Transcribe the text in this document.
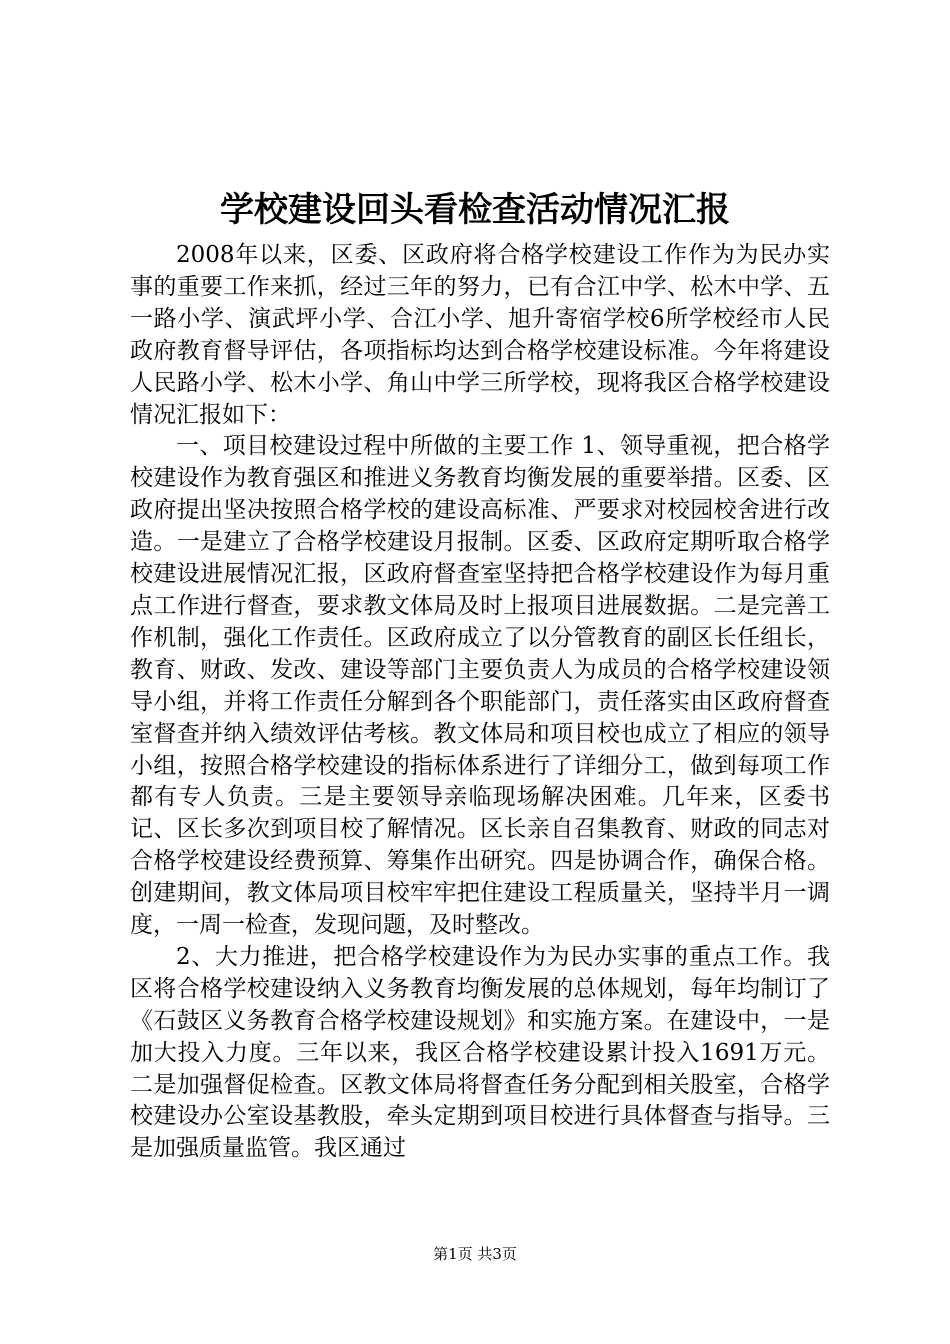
学校建设回头看检查活动情况汇报

2008年以来，区委、区政府将合格学校建设工作作为为民办实事的重要工作来抓，经过三年的努力，已有合江中学、松木中学、五一路小学、演武坪小学、合江小学、旭升寄宿学校6所学校经市人民政府教育督导评估，各项指标均达到合格学校建设标准。今年将建设人民路小学、松木小学、角山中学三所学校，现将我区合格学校建设情况汇报如下：

一、项目校建设过程中所做的主要工作 1、领导重视，把合格学校建设作为教育强区和推进义务教育均衡发展的重要举措。区委、区政府提出坚决按照合格学校的建设高标准、严要求对校园校舍进行改造。一是建立了合格学校建设月报制。区委、区政府定期听取合格学校建设进展情况汇报，区政府督查室坚持把合格学校建设作为每月重点工作进行督查，要求教文体局及时上报项目进展数据。二是完善工作机制，强化工作责任。区政府成立了以分管教育的副区长任组长，教育、财政、发改、建设等部门主要负责人为成员的合格学校建设领导小组，并将工作责任分解到各个职能部门，责任落实由区政府督查室督查并纳入绩效评估考核。教文体局和项目校也成立了相应的领导小组，按照合格学校建设的指标体系进行了详细分工，做到每项工作都有专人负责。三是主要领导亲临现场解决困难。几年来，区委书记、区长多次到项目校了解情况。区长亲自召集教育、财政的同志对合格学校建设经费预算、筹集作出研究。四是协调合作，确保合格。创建期间，教文体局项目校牢牢把住建设工程质量关，坚持半月一调度，一周一检查，发现问题，及时整改。

2、大力推进，把合格学校建设作为为民办实事的重点工作。我区将合格学校建设纳入义务教育均衡发展的总体规划，每年均制订了《石鼓区义务教育合格学校建设规划》和实施方案。在建设中，一是加大投入力度。三年以来，我区合格学校建设累计投入1691万元。二是加强督促检查。区教文体局将督查任务分配到相关股室，合格学校建设办公室设基教股，牵头定期到项目校进行具体督查与指导。三是加强质量监管。我区通过

第1页 共3页
